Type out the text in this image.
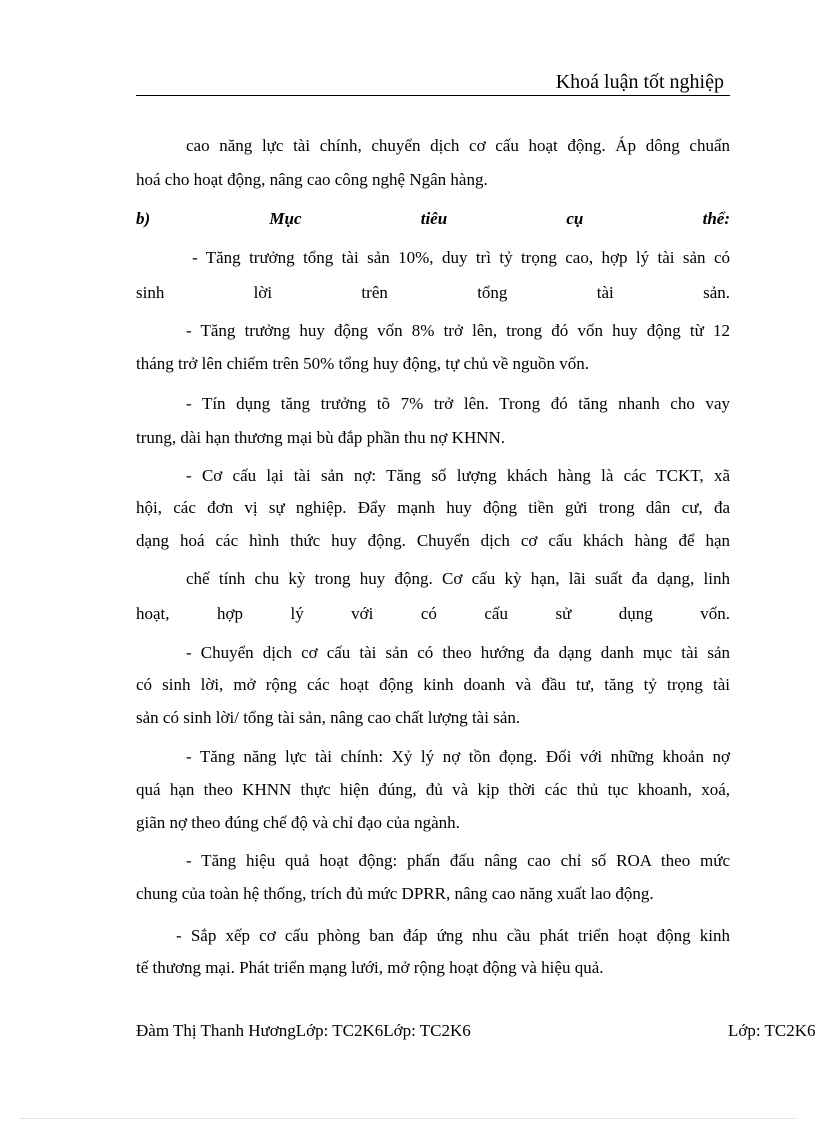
Khoá luận tốt nghiệp
cao năng lực tài chính, chuyển dịch cơ cấu hoạt động. Áp dông chuẩn
hoá cho hoạt động, nâng cao công nghệ Ngân hàng.
b) Mục tiêu cụ thể:
- Tăng trưởng tổng tài sản 10%, duy trì tỷ trọng cao, hợp lý tài sản có
sinh lời trên tổng tài sản.
- Tăng trưởng huy động vốn 8% trở lên, trong đó vốn huy động từ 12
tháng trở lên chiếm trên 50% tổng huy động, tự chủ về nguồn vốn.
- Tín dụng tăng trưởng tõ 7% trở lên. Trong đó tăng nhanh cho vay
trung, dài hạn thương mại bù đắp phần thu nợ KHNN.
- Cơ cấu lại tài sản nợ: Tăng số lượng khách hàng là các TCKT, xã
hội, các đơn vị sự nghiệp. Đẩy mạnh huy động tiền gửi trong dân cư, đa
dạng hoá các hình thức huy động. Chuyển dịch cơ cấu khách hàng để hạn
chế tính chu kỳ trong huy động. Cơ cấu kỳ hạn, lãi suất đa dạng, linh
hoạt, hợp lý với có cấu sử dụng vốn.
- Chuyển dịch cơ cấu tài sản có theo hướng đa dạng danh mục tài sản
có sinh lời, mở rộng các hoạt động kinh doanh và đầu tư, tăng tỷ trọng tài
sản có sinh lời/ tổng tài sản, nâng cao chất lượng tài sản.
- Tăng năng lực tài chính: Xỷ lý nợ tồn đọng. Đối với những khoản nợ
quá hạn theo KHNN thực hiện đúng, đủ và kịp thời các thủ tục khoanh, xoá,
giãn nợ theo đúng chế độ và chỉ đạo của ngành.
- Tăng hiệu quả hoạt động: phấn đấu nâng cao chỉ số ROA theo mức
chung của toàn hệ thống, trích đủ mức DPRR, nâng cao năng xuất lao động.
- Sắp xếp cơ cấu phòng ban đáp ứng nhu cầu phát triển hoạt động kinh
tế thương mại. Phát triển mạng lưới, mở rộng hoạt động và hiệu quả.
Đàm Thị Thanh HươngLớp: TC2K6Lớp: TC2K6	Lớp: TC2K6
